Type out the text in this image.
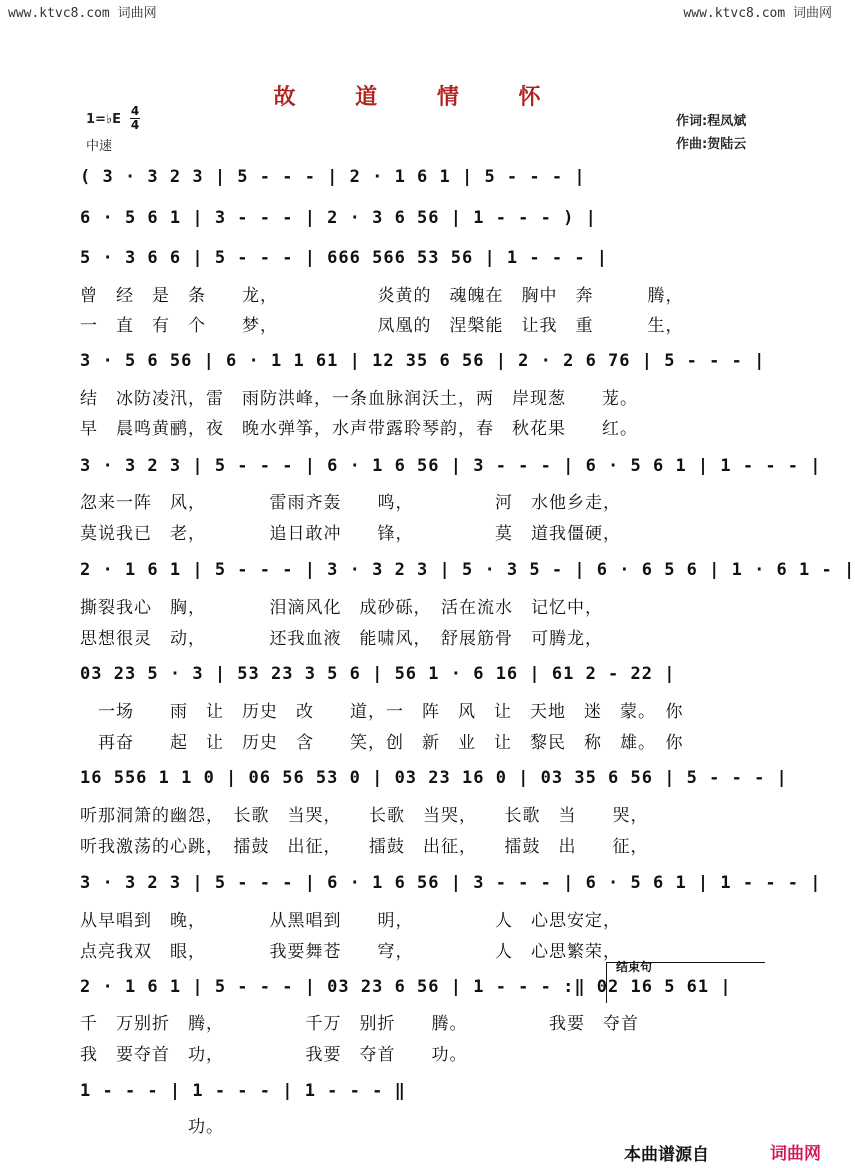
www.ktvc8.com 词曲网	www.ktvc8.com 词曲网
故 道 情 怀
1=♭E
4
4
中速
作词:程凤斌
作曲:贺陆云
( 3 · 3 2 3 | 5 - - - | 2 · 1 6 1 | 5 - - - |
6 · 5 6 1 | 3 - - - | 2 · 3 6 56 | 1 - - - ) |
5 · 3 6 6 | 5 - - - | 666 566 53 56 | 1 - - - |
曾　经　是　条　　龙，　　　　　　炎黄的　魂魄在　胸中　奔　　　腾，
一　直　有　个　　梦，　　　　　　凤凰的　涅槃能　让我　重　　　生，
3 · 5 6 56 | 6 · 1 1 61 | 12 35 6 56 | 2 · 2 6 76 | 5 - - - |
结　冰防凌汛，雷　雨防洪峰，一条血脉润沃土，两　岸现葱　　茏。
早　晨鸣黄鹂，夜　晚水弹筝，水声带露聆琴韵，春　秋花果　　红。
3 · 3 2 3 | 5 - - - | 6 · 1 6 56 | 3 - - - | 6 · 5 6 1 | 1 - - - |
忽来一阵　风，　　　　雷雨齐轰　　鸣，　　　　　河　水他乡走，
莫说我已　老，　　　　追日敢冲　　锋，　　　　　莫　道我僵硬，
2 · 1 6 1 | 5 - - - | 3 · 3 2 3 | 5 · 3 5 - | 6 · 6 5 6 | 1 · 6 1 - |
撕裂我心　胸，　　　　泪滴风化　成砂砾，　活在流水　记忆中，
思想很灵　动，　　　　还我血液　能啸风，　舒展筋骨　可腾龙，
03 23 5 · 3 | 53 23 3 5 6 | 56 1 · 6 16 | 61 2 - 22 |
　一场　　雨　让　历史　改　　道，一　阵　风　让　天地　迷　蒙。　你
　再奋　　起　让　历史　含　　笑，创　新　业　让　黎民　称　雄。　你
16 556 1 1 0 | 06 56 53 0 | 03 23 16 0 | 03 35 6 56 | 5 - - - |
听那洞箫的幽怨，　长歌　当哭，　　长歌　当哭，　　长歌　当　　哭，
听我激荡的心跳，　擂鼓　出征，　　擂鼓　出征，　　擂鼓　出　　征，
3 · 3 2 3 | 5 - - - | 6 · 1 6 56 | 3 - - - | 6 · 5 6 1 | 1 - - - |
从早唱到　晚，　　　　从黑唱到　　明，　　　　　人　心思安定，
点亮我双　眼，　　　　我要舞苍　　穹，　　　　　人　心思繁荣，
结束句
2 · 1 6 1 | 5 - - - | 03 23 6 56 | 1 - - - :‖ 02 16 5 61 |
千　万别折　腾，　　　　　千万　别折　　腾。　　　　　我要　夺首
我　要夺首　功，　　　　　我要　夺首　　功。
1 - - - | 1 - - - | 1 - - - ‖
　　　　　　功。
本曲谱源自	词曲网
